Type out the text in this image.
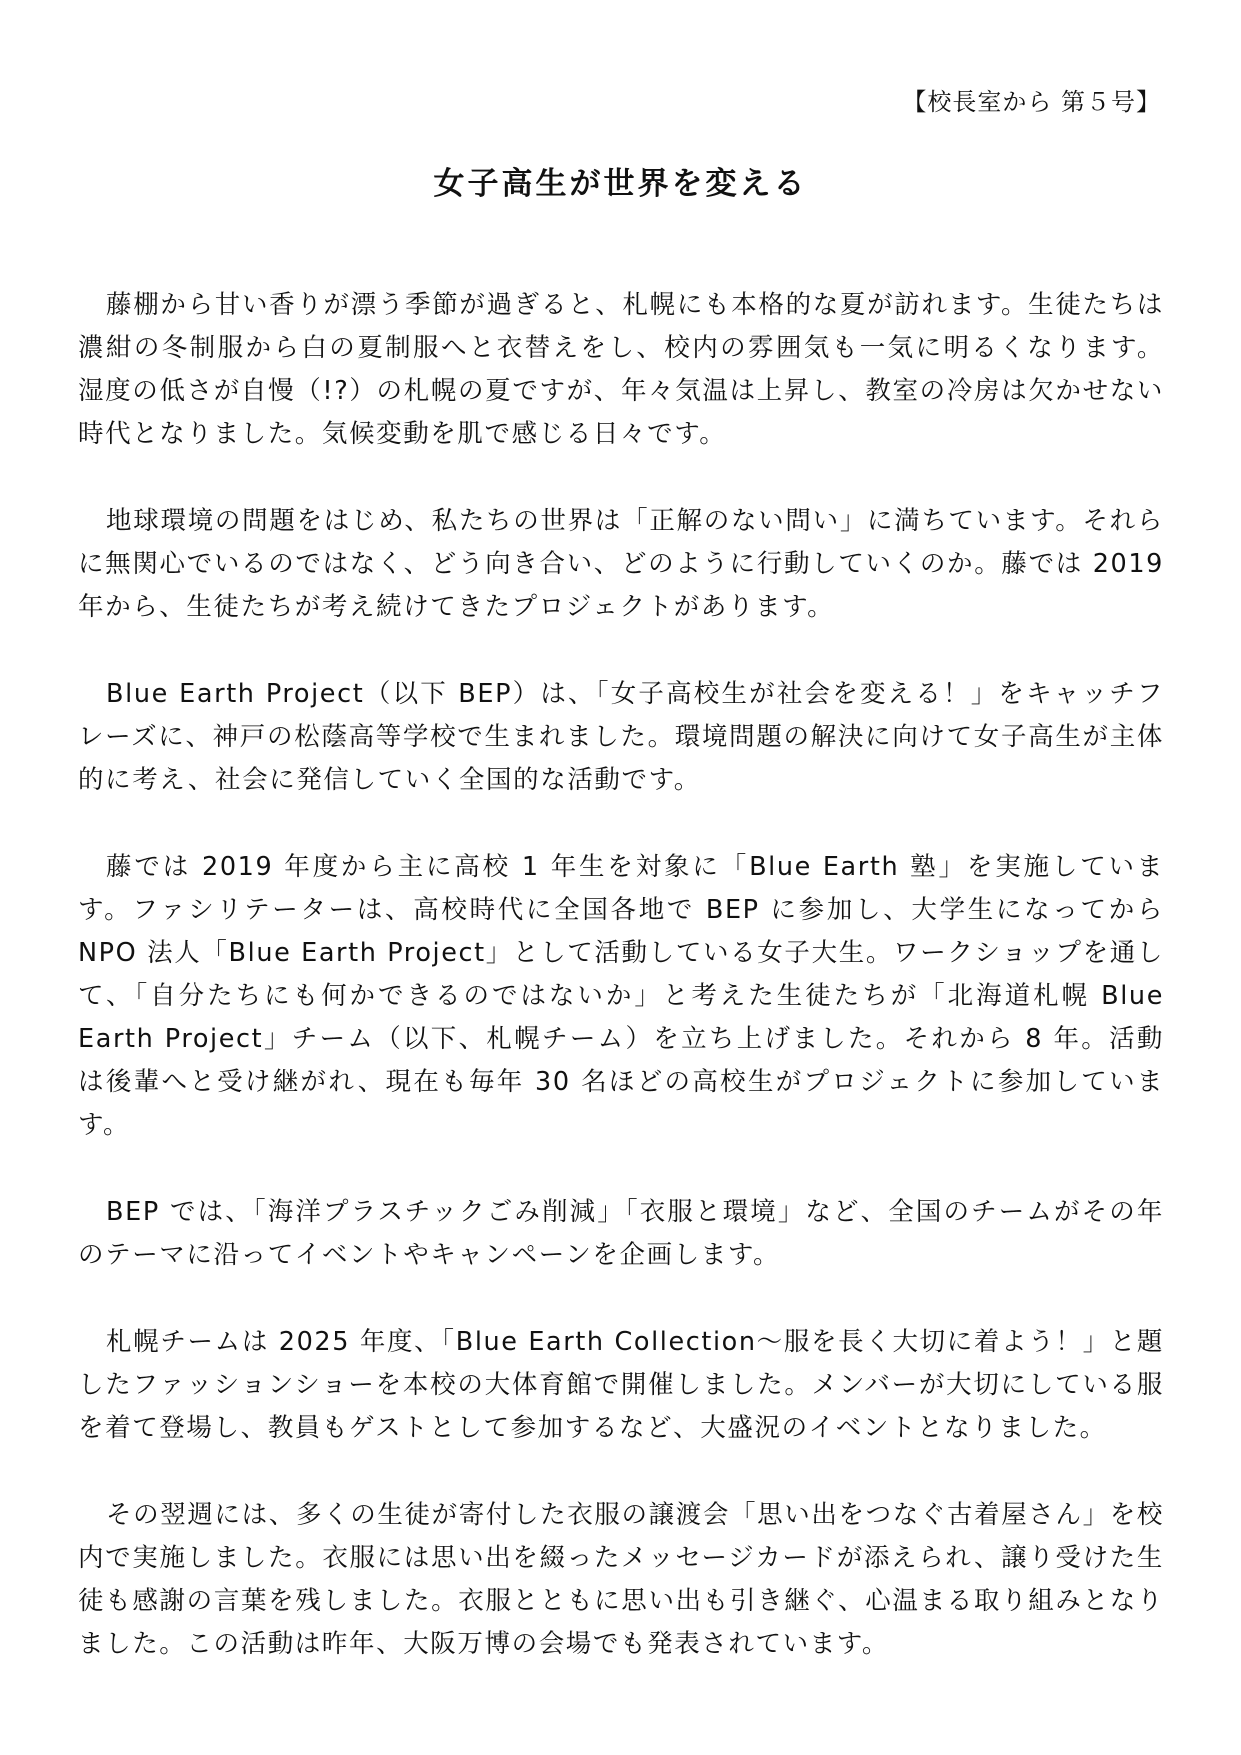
【校長室から 第５号】
女子高生が世界を変える

藤棚から甘い香りが漂う季節が過ぎると、札幌にも本格的な夏が訪れます。生徒たちは濃紺の冬制服から白の夏制服へと衣替えをし、校内の雰囲気も一気に明るくなります。 湿度の低さが自慢（!?）の札幌の夏ですが、年々気温は上昇し、教室の冷房は欠かせない時代となりました。気候変動を肌で感じる日々です。

地球環境の問題をはじめ、私たちの世界は「正解のない問い」に満ちています。それらに無関心でいるのではなく、どう向き合い、どのように行動していくのか。藤では 2019 年から、生徒たちが考え続けてきたプロジェクトがあります。

Blue Earth Project（以下 BEP）は、「女子高校生が社会を変える！」をキャッチフレーズに、神戸の松蔭高等学校で生まれました。環境問題の解決に向けて女子高生が主体的に考え、社会に発信していく全国的な活動です。

藤では 2019 年度から主に高校 1 年生を対象に「Blue Earth 塾」を実施しています。ファシリテーターは、高校時代に全国各地で BEP に参加し、大学生になってから NPO 法人「Blue Earth Project」として活動している女子大生。ワークショップを通して、「自分たちにも何かできるのではないか」と考えた生徒たちが「北海道札幌 Blue Earth Project」チーム（以下、札幌チーム）を立ち上げました。それから 8 年。活動は後輩へと受け継がれ、現在も毎年 30 名ほどの高校生がプロジェクトに参加しています。

BEP では、「海洋プラスチックごみ削減」「衣服と環境」など、全国のチームがその年のテーマに沿ってイベントやキャンペーンを企画します。

札幌チームは 2025 年度、「Blue Earth Collection～服を長く大切に着よう！」と題したファッションショーを本校の大体育館で開催しました。メンバーが大切にしている服を着て登場し、教員もゲストとして参加するなど、大盛況のイベントとなりました。

その翌週には、多くの生徒が寄付した衣服の譲渡会「思い出をつなぐ古着屋さん」を校内で実施しました。衣服には思い出を綴ったメッセージカードが添えられ、譲り受けた生徒も感謝の言葉を残しました。衣服とともに思い出も引き継ぐ、心温まる取り組みとなりました。この活動は昨年、大阪万博の会場でも発表されています。
